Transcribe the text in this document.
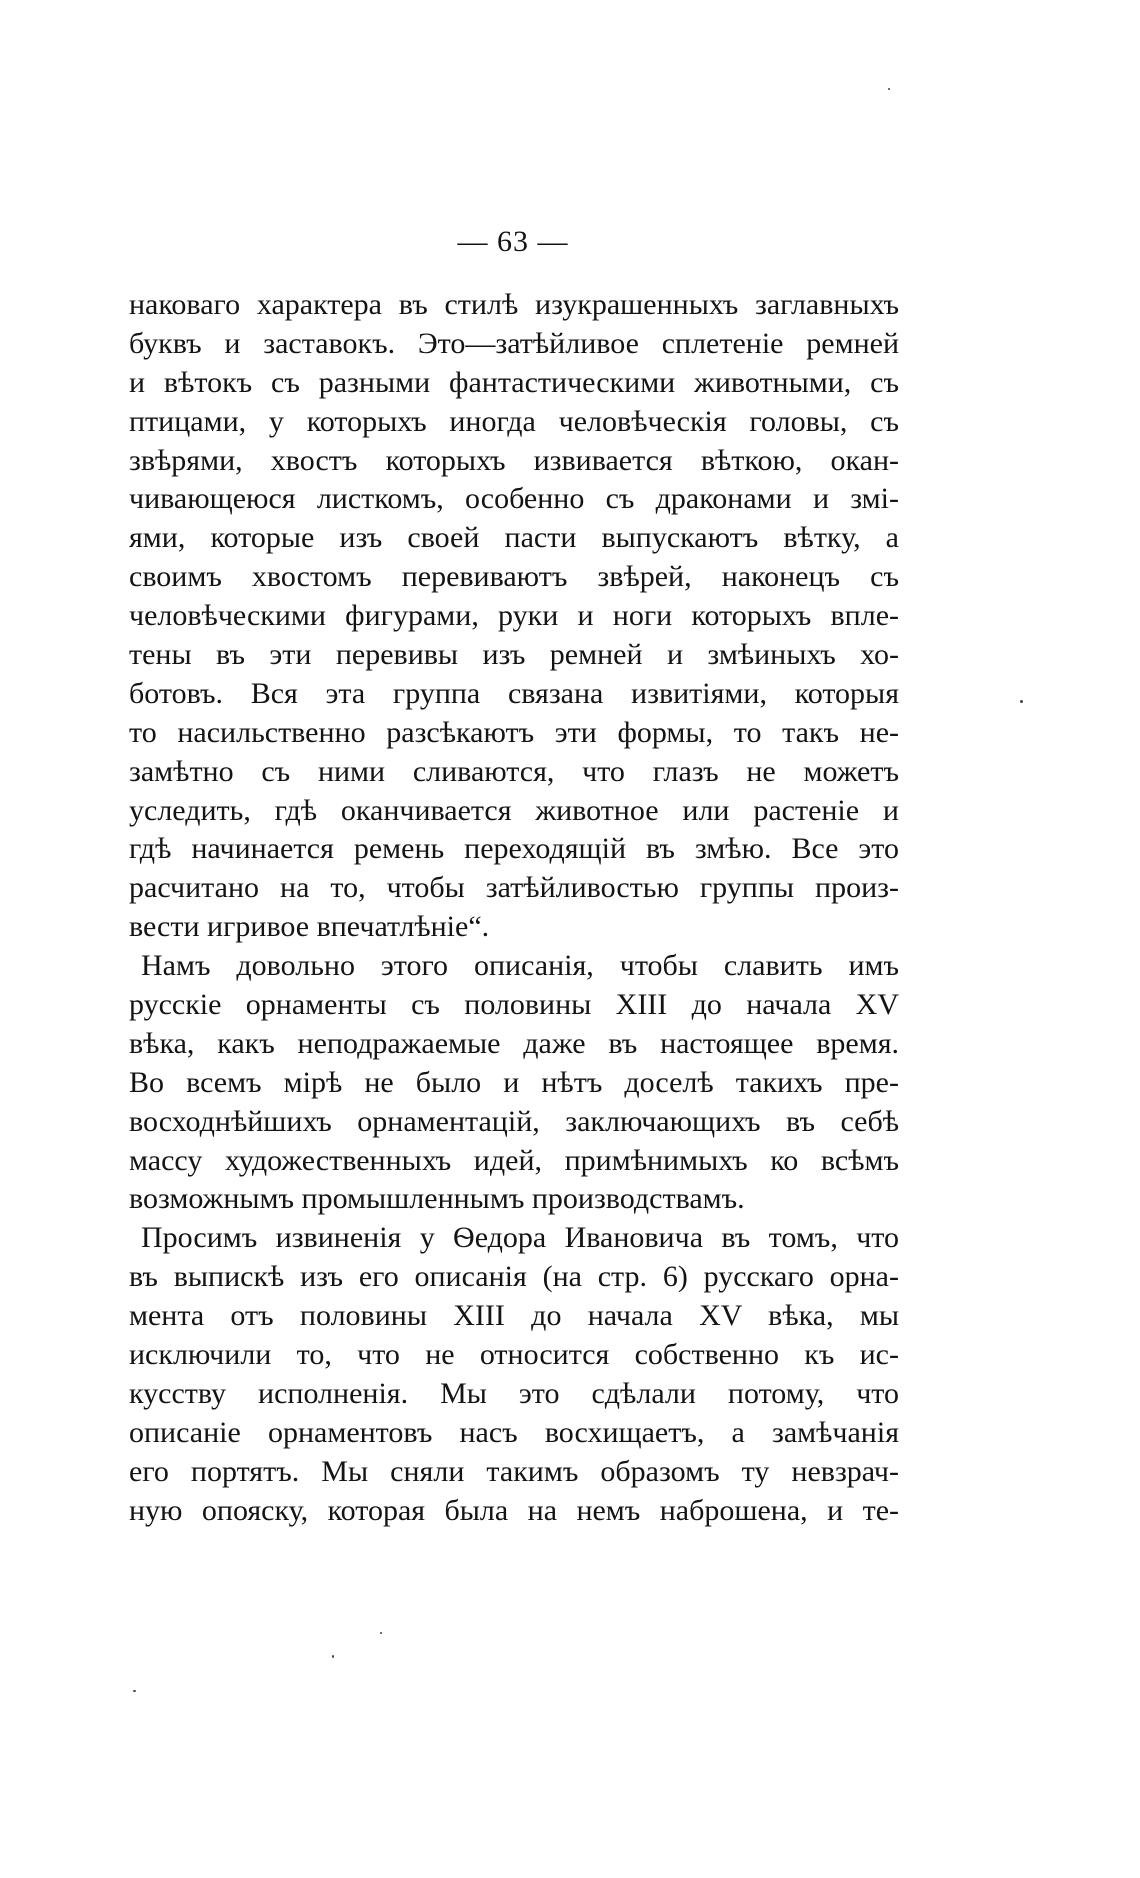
— 63 —
наковаго характера въ стилѣ изукрашенныхъ заглавныхъ
буквъ и заставокъ. Это—затѣйливое сплетеніе ремней
и вѣтокъ съ разными фантастическими животными, съ
птицами, у которыхъ иногда человѣческія головы, съ
звѣрями, хвостъ которыхъ извивается вѣткою, окан-
чивающеюся листкомъ, особенно съ драконами и змі-
ями, которые изъ своей пасти выпускаютъ вѣтку, а
своимъ хвостомъ перевиваютъ звѣрей, наконецъ съ
человѣческими фигурами, руки и ноги которыхъ впле-
тены въ эти перевивы изъ ремней и змѣиныхъ хо-
ботовъ. Вся эта группа связана извитіями, которыя
то насильственно разсѣкаютъ эти формы, то такъ не-
замѣтно съ ними сливаются, что глазъ не можетъ
уследить, гдѣ оканчивается животное или растеніе и
гдѣ начинается ремень переходящій въ змѣю. Все это
расчитано на то, чтобы затѣйливостью группы произ-
вести игривое впечатлѣніе“.
Намъ довольно этого описанія, чтобы славить имъ
русскіе орнаменты съ половины XIII до начала XV
вѣка, какъ неподражаемые даже въ настоящее время.
Во всемъ мірѣ не было и нѣтъ доселѣ такихъ пре-
восходнѣйшихъ орнаментацій, заключающихъ въ себѣ
массу художественныхъ идей, примѣнимыхъ ко всѣмъ
возможнымъ промышленнымъ производствамъ.
Просимъ извиненія у Ѳедора Ивановича въ томъ, что
въ выпискѣ изъ его описанія (на стр. 6) русскаго орна-
мента отъ половины XIII до начала XV вѣка, мы
исключили то, что не относится собственно къ ис-
кусству исполненія. Мы это сдѣлали потому, что
описаніе орнаментовъ насъ восхищаетъ, а замѣчанія
его портятъ. Мы сняли такимъ образомъ ту невзрач-
ную опояску, которая была на немъ наброшена, и те-
